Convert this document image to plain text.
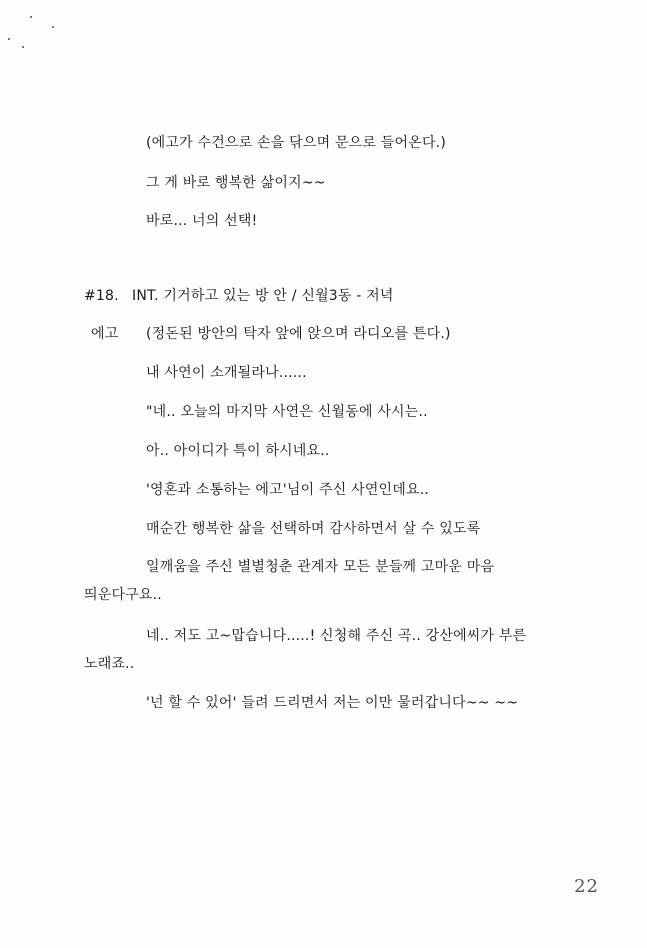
(에고가 수건으로 손을 닦으며 문으로 들어온다.)
그 게 바로 행복한 삶이지~~
바로... 너의 선택!
#18. INT. 기거하고 있는 방 안 / 신월3동 - 저녁
에고 (정돈된 방안의 탁자 앞에 앉으며 라디오를 튼다.)
내 사연이 소개될라나......
"네.. 오늘의 마지막 사연은 신월동에 사시는..
아.. 아이디가 특이 하시네요..
'영혼과 소통하는 에고'님이 주신 사연인데요..
매순간 행복한 삶을 선택하며 감사하면서 살 수 있도록
일깨움을 주신 별별청춘 관계자 모든 분들께 고마운 마음
띄운다구요..
네.. 저도 고~맙습니다.....! 신청해 주신 곡.. 강산에씨가 부른
노래죠..
'넌 할 수 있어' 들려 드리면서 저는 이만 물러갑니다~~ ~~
22
